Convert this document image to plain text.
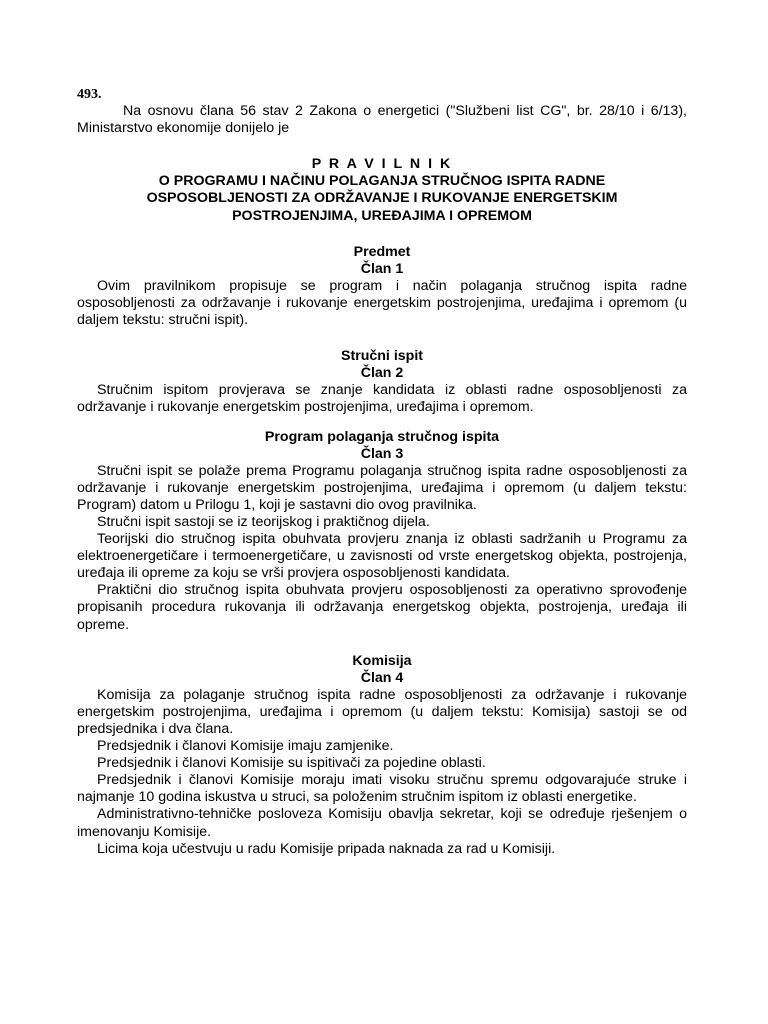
493.

Na osnovu člana 56 stav 2 Zakona o energetici ("Službeni list CG", br. 28/10 i 6/13), Ministarstvo ekonomije donijelo je

P R A V I L N I K
O PROGRAMU I NAČINU POLAGANJA STRUČNOG ISPITA RADNE
OSPOSOBLJENOSTI ZA ODRŽAVANJE I RUKOVANJE ENERGETSKIM
POSTROJENJIMA, UREĐAJIMA I OPREMOM
Predmet
Član 1

Ovim pravilnikom propisuje se program i način polaganja stručnog ispita radne osposobljenosti za održavanje i rukovanje energetskim postrojenjima, uređajima i opremom (u daljem tekstu: stručni ispit).

Stručni ispit
Član 2

Stručnim ispitom provjerava se znanje kandidata iz oblasti radne osposobljenosti za održavanje i rukovanje energetskim postrojenjima, uređajima i opremom.

Program polaganja stručnog ispita
Član 3

Stručni ispit se polaže prema Programu polaganja stručnog ispita radne osposobljenosti za održavanje i rukovanje energetskim postrojenjima, uređajima i opremom (u daljem tekstu: Program) datom u Prilogu 1, koji je sastavni dio ovog pravilnika.

Stručni ispit sastoji se iz teorijskog i praktičnog dijela.

Teorijski dio stručnog ispita obuhvata provjeru znanja iz oblasti sadržanih u Programu za elektroenergetičare i termoenergetičare, u zavisnosti od vrste energetskog objekta, postrojenja, uređaja ili opreme za koju se vrši provjera osposobljenosti kandidata.

Praktični dio stručnog ispita obuhvata provjeru osposobljenosti za operativno sprovođenje propisanih procedura rukovanja ili održavanja energetskog objekta, postrojenja, uređaja ili opreme.

Komisija
Član 4

Komisija za polaganje stručnog ispita radne osposobljenosti za održavanje i rukovanje energetskim postrojenjima, uređajima i opremom (u daljem tekstu: Komisija) sastoji se od predsjednika i dva člana.

Predsjednik i članovi Komisije imaju zamjenike.

Predsjednik i članovi Komisije su ispitivači za pojedine oblasti.

Predsjednik i članovi Komisije moraju imati visoku stručnu spremu odgovarajuće struke i najmanje 10 godina iskustva u struci, sa položenim stručnim ispitom iz oblasti energetike.

Administrativno-tehničke posloveza Komisiju obavlja sekretar, koji se određuje rješenjem o imenovanju Komisije.

Licima koja učestvuju u radu Komisije pripada naknada za rad u Komisiji.
